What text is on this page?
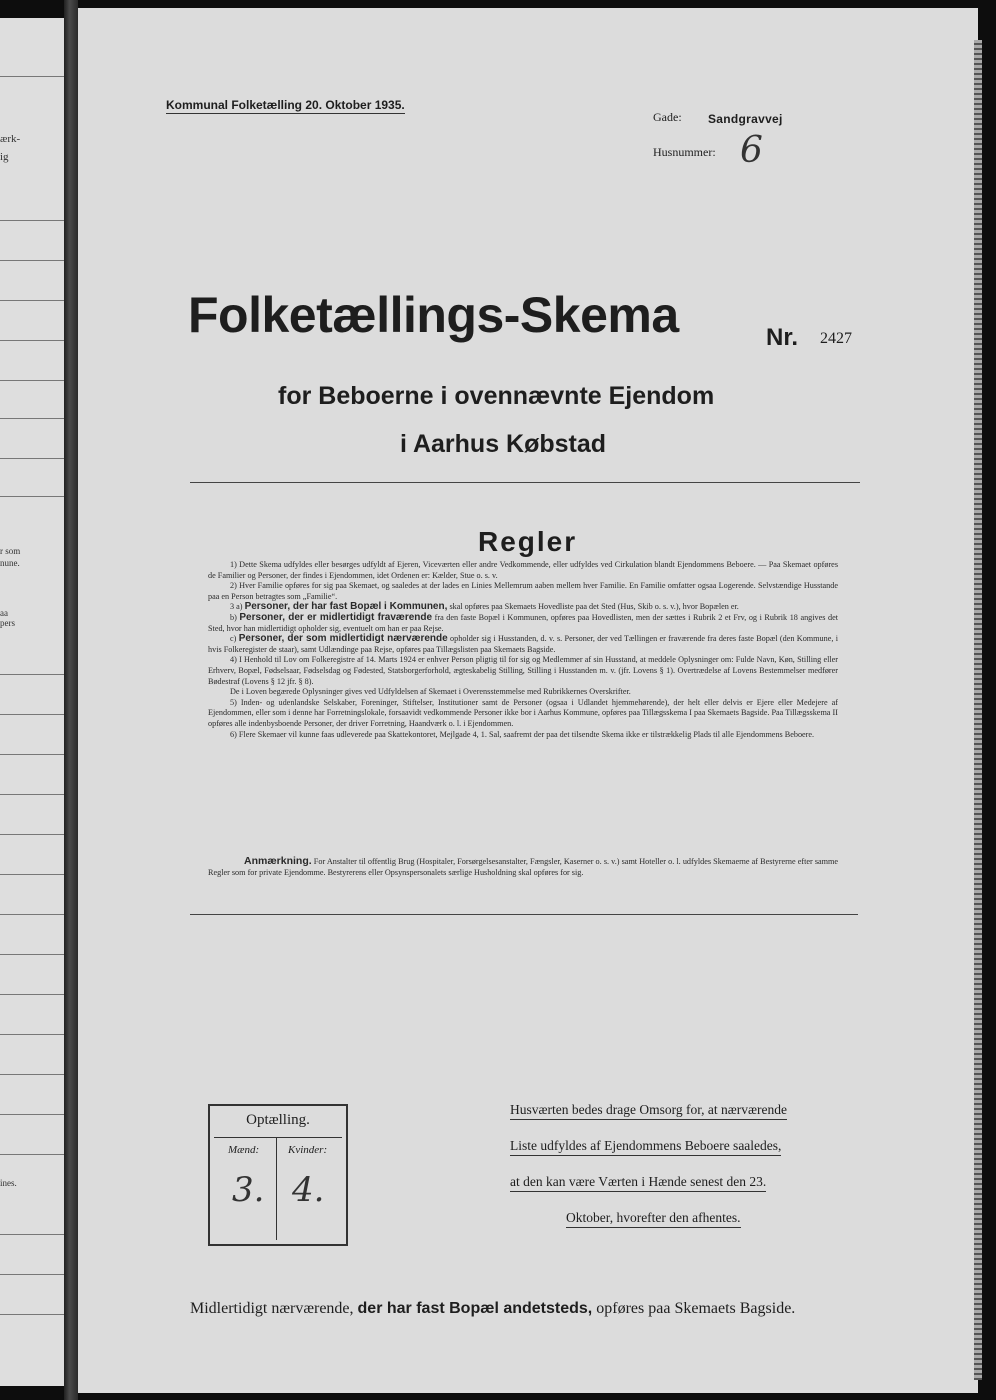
ærk-
ig
r som
nune.
aa
pers
ines.
Kommunal Folketælling 20. Oktober 1935.
Gade: Sandgravvej
Husnummer: 6
Folketællings-Skema	Nr. 2427
for Beboerne i ovennævnte Ejendom
i Aarhus Købstad
Regler

1) Dette Skema udfyldes eller besørges udfyldt af Ejeren, Viceværten eller andre Vedkommende, eller udfyldes ved Cirkulation blandt Ejendommens Beboere. — Paa Skemaet opføres de Familier og Personer, der findes i Ejendommen, idet Ordenen er: Kælder, Stue o. s. v.

2) Hver Familie opføres for sig paa Skemaet, og saaledes at der lades en Linies Mellemrum aaben mellem hver Familie. En Familie omfatter ogsaa Logerende. Selvstændige Husstande paa en Person betragtes som „Familie“.

3 a) Personer, der har fast Bopæl i Kommunen, skal opføres paa Skemaets Hovedliste paa det Sted (Hus, Skib o. s. v.), hvor Bopælen er.

b) Personer, der er midlertidigt fraværende fra den faste Bopæl i Kommunen, opføres paa Hovedlisten, men der sættes i Rubrik 2 et Frv, og i Rubrik 18 angives det Sted, hvor han midlertidigt opholder sig, eventuelt om han er paa Rejse.

c) Personer, der som midlertidigt nærværende opholder sig i Husstanden, d. v. s. Personer, der ved Tællingen er fraværende fra deres faste Bopæl (den Kommune, i hvis Folkeregister de staar), samt Udlændinge paa Rejse, opføres paa Tillægslisten paa Skemaets Bagside.

4) I Henhold til Lov om Folkeregistre af 14. Marts 1924 er enhver Person pligtig til for sig og Medlemmer af sin Husstand, at meddele Oplysninger om: Fulde Navn, Køn, Stilling eller Erhverv, Bopæl, Fødselsaar, Fødselsdag og Fødested, Statsborgerforhold, ægteskabelig Stilling, Stilling i Husstanden m. v. (jfr. Lovens § 1). Overtrædelse af Lovens Bestemmelser medfører Bødestraf (Lovens § 12 jfr. § 8).

De i Loven begærede Oplysninger gives ved Udfyldelsen af Skemaet i Overensstemmelse med Rubrikkernes Overskrifter.

5) Inden- og udenlandske Selskaber, Foreninger, Stiftelser, Institutioner samt de Personer (ogsaa i Udlandet hjemmehørende), der helt eller delvis er Ejere eller Medejere af Ejendommen, eller som i denne har Forretningslokale, forsaavidt vedkommende Personer ikke bor i Aarhus Kommune, opføres paa Tillægsskema I paa Skemaets Bagside. Paa Tillægsskema II opføres alle indenbysboende Personer, der driver Forretning, Haandværk o. l. i Ejendommen.

6) Flere Skemaer vil kunne faas udleverede paa Skattekontoret, Mejlgade 4, 1. Sal, saafremt der paa det tilsendte Skema ikke er tilstrækkelig Plads til alle Ejendommens Beboere.

Anmærkning. For Anstalter til offentlig Brug (Hospitaler, Forsørgelsesanstalter, Fængsler, Kaserner o. s. v.) samt Hoteller o. l. udfyldes Skemaerne af Bestyrerne efter samme Regler som for private Ejendomme. Bestyrerens eller Opsynspersonalets særlige Husholdning skal opføres for sig.

Optælling.
Mænd:	Kvinder:
3. 4.
Husværten bedes drage Omsorg for, at nærværende
Liste udfyldes af Ejendommens Beboere saaledes,
at den kan være Værten i Hænde senest den 23.
Oktober, hvorefter den afhentes.
Midlertidigt nærværende, der har fast Bopæl andetsteds, opføres paa Skemaets Bagside.
